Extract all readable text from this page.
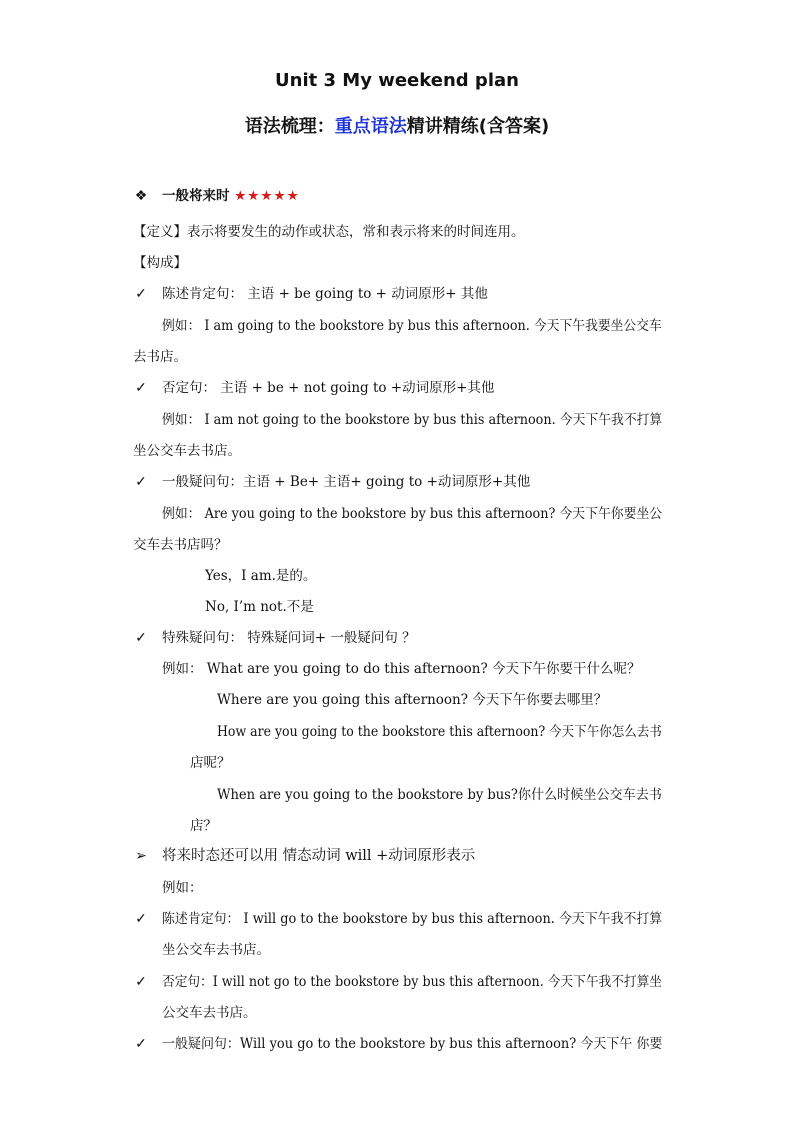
Unit 3 My weekend plan
语法梳理：重点语法精讲精练(含答案)
❖ 一般将来时 ★★★★★
【定义】表示将要发生的动作或状态，常和表示将来的时间连用。
【构成】
✓ 陈述肯定句： 主语 + be going to + 动词原形+ 其他
例如： I am going to the bookstore by bus this afternoon. 今天下午我要坐公交车
去书店。
✓ 否定句： 主语 + be + not going to +动词原形+其他
例如： I am not going to the bookstore by bus this afternoon. 今天下午我不打算
坐公交车去书店。
✓ 一般疑问句：主语 + Be+ 主语+ going to +动词原形+其他
例如： Are you going to the bookstore by bus this afternoon? 今天下午你要坐公
交车去书店吗？
Yes，I am.是的。
No, I’m not.不是
✓ 特殊疑问句： 特殊疑问词+ 一般疑问句 ？
例如： What are you going to do this afternoon? 今天下午你要干什么呢？
Where are you going this afternoon? 今天下午你要去哪里？
How are you going to the bookstore this afternoon? 今天下午你怎么去书
店呢？
When are you going to the bookstore by bus?你什么时候坐公交车去书
店？
➢ 将来时态还可以用 情态动词 will +动词原形表示
例如：
✓ 陈述肯定句： I will go to the bookstore by bus this afternoon. 今天下午我不打算
坐公交车去书店。
✓ 否定句：I will not go to the bookstore by bus this afternoon. 今天下午我不打算坐
公交车去书店。
✓ 一般疑问句：Will you go to the bookstore by bus this afternoon? 今天下午 你要
